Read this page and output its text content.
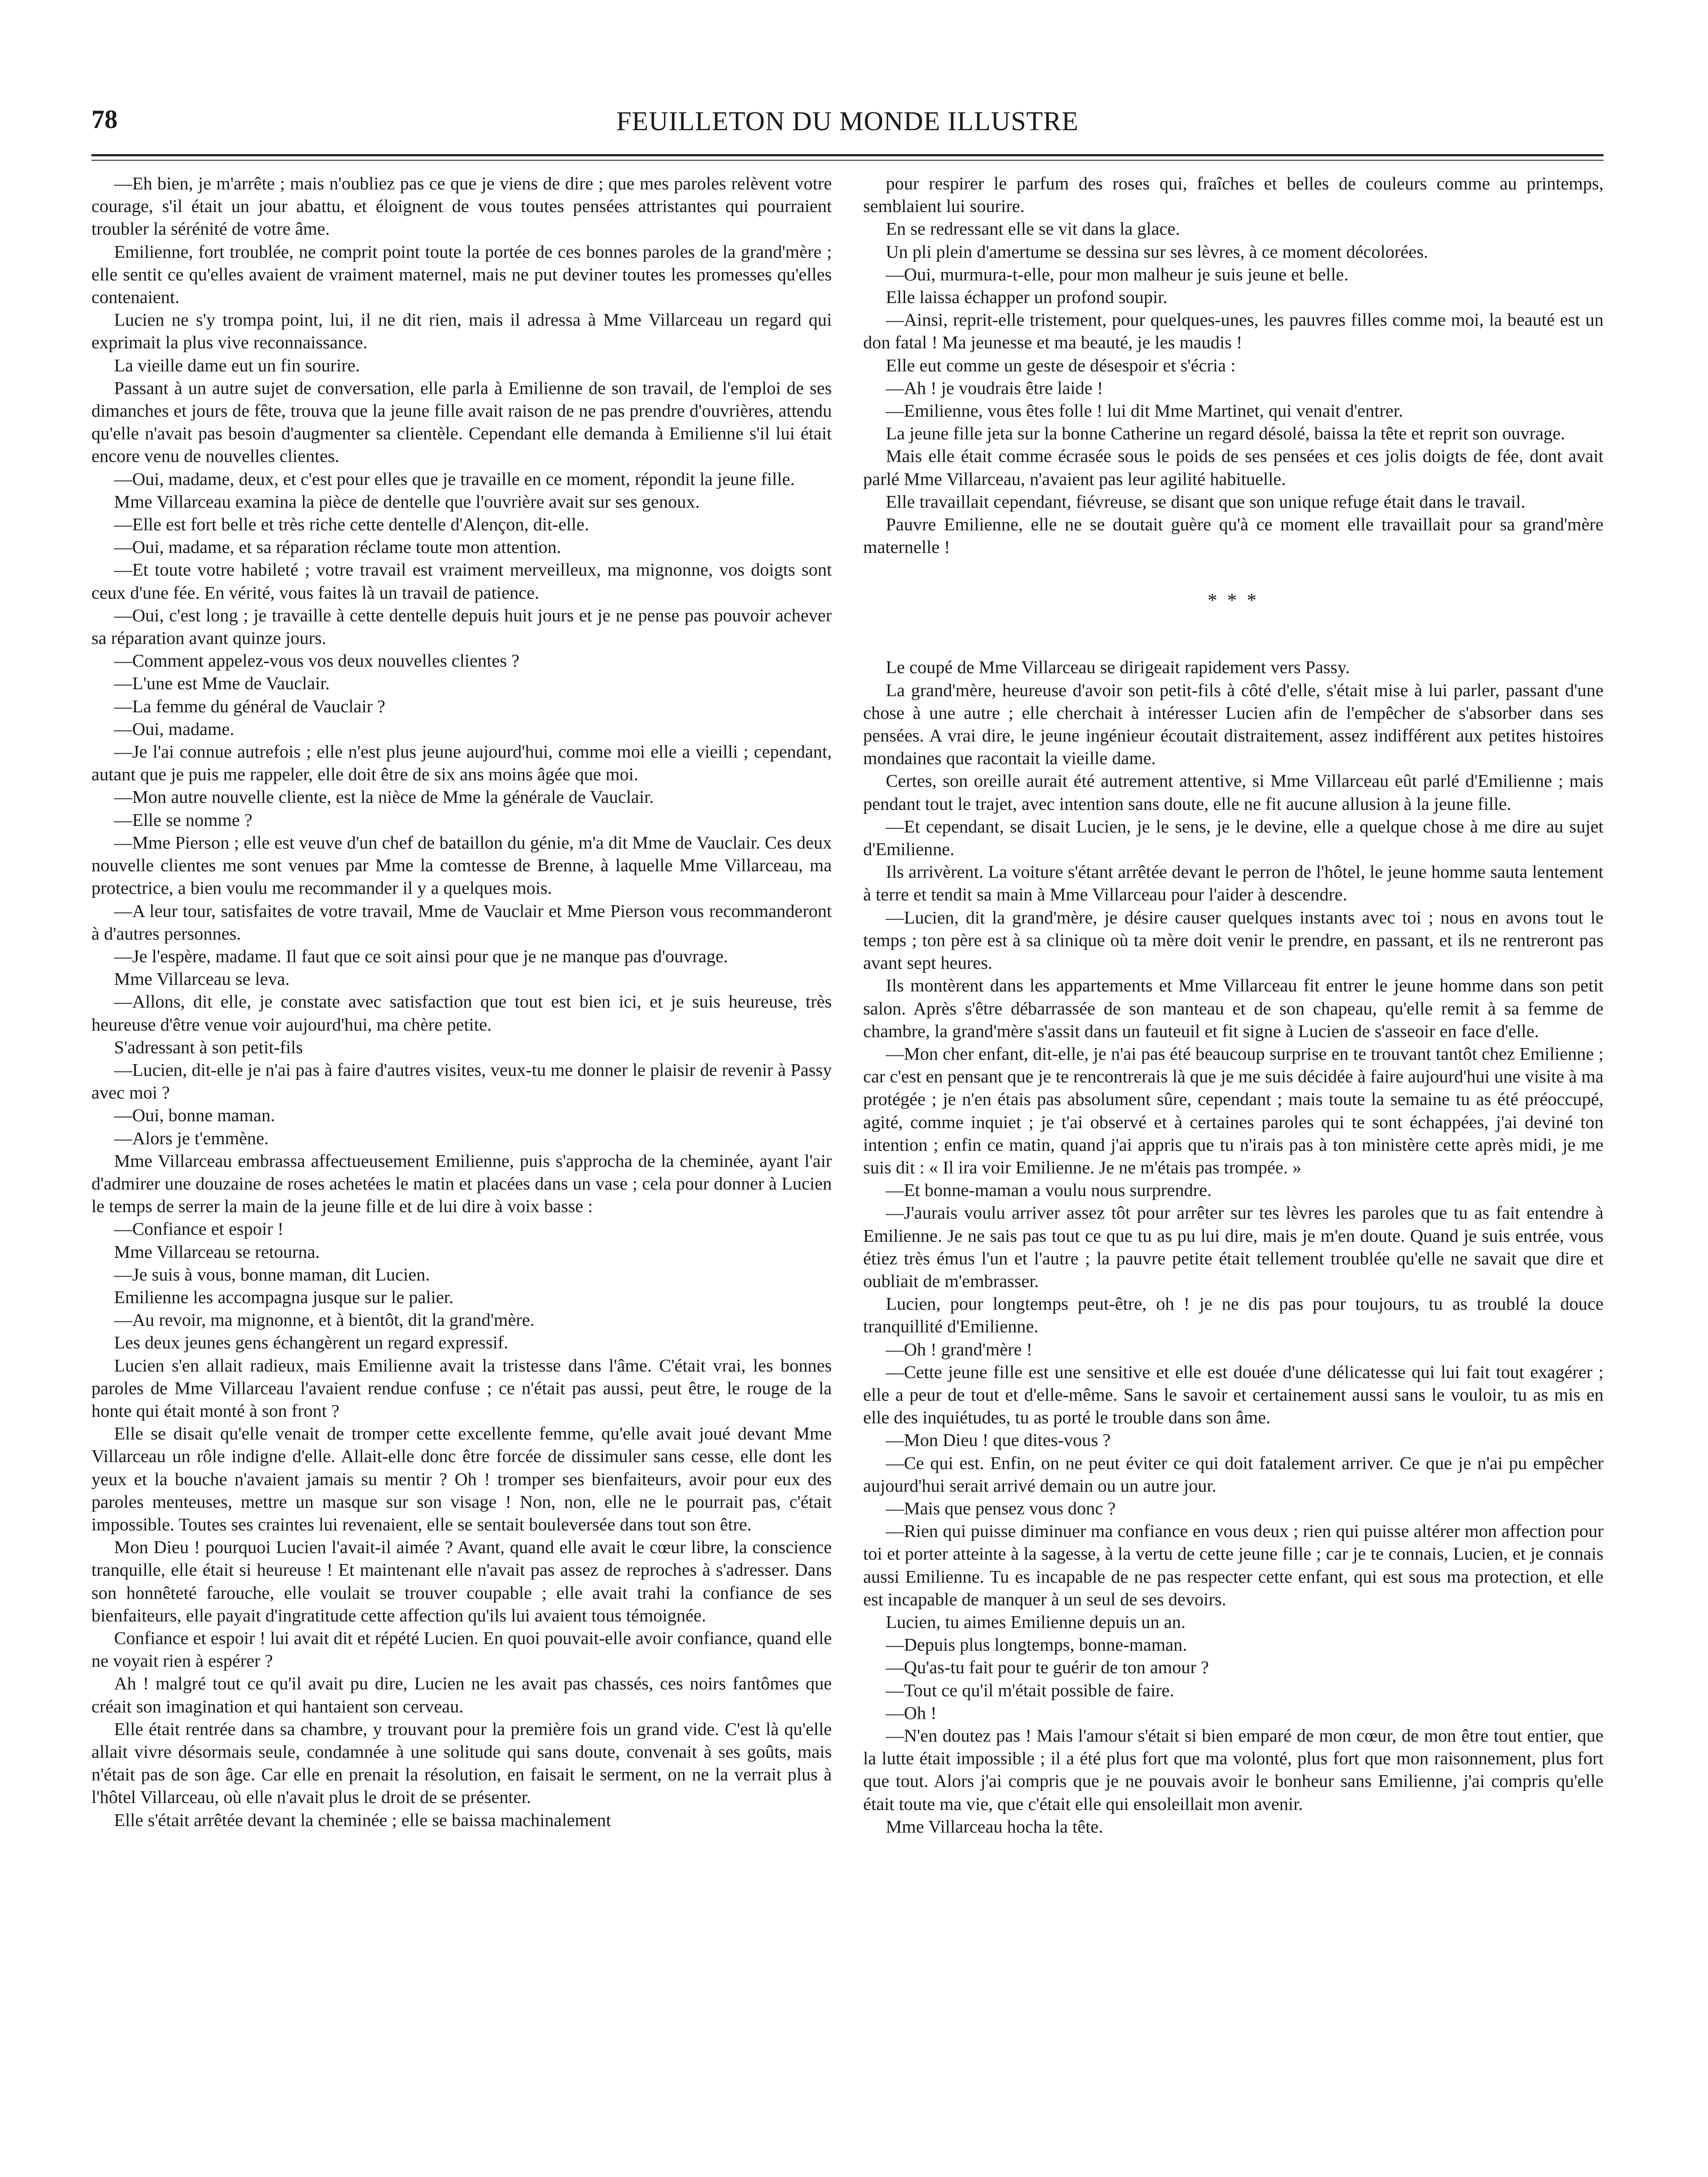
78	FEUILLETON DU MONDE ILLUSTRE

—Eh bien, je m'arrête ; mais n'oubliez pas ce que je viens de dire ; que mes paroles relèvent votre courage, s'il était un jour abattu, et éloignent de vous toutes pensées attristantes qui pourraient troubler la sérénité de votre âme.

Emilienne, fort troublée, ne comprit point toute la portée de ces bonnes paroles de la grand'mère ; elle sentit ce qu'elles avaient de vraiment maternel, mais ne put deviner toutes les promesses qu'elles contenaient.

Lucien ne s'y trompa point, lui, il ne dit rien, mais il adressa à Mme Villarceau un regard qui exprimait la plus vive reconnaissance.

La vieille dame eut un fin sourire.

Passant à un autre sujet de conversation, elle parla à Emilienne de son travail, de l'emploi de ses dimanches et jours de fête, trouva que la jeune fille avait raison de ne pas prendre d'ouvrières, attendu qu'elle n'avait pas besoin d'augmenter sa clientèle. Cependant elle demanda à Emilienne s'il lui était encore venu de nouvelles clientes.

—Oui, madame, deux, et c'est pour elles que je travaille en ce moment, répondit la jeune fille.

Mme Villarceau examina la pièce de dentelle que l'ouvrière avait sur ses genoux.

—Elle est fort belle et très riche cette dentelle d'Alençon, dit-elle.

—Oui, madame, et sa réparation réclame toute mon attention.

—Et toute votre habileté ; votre travail est vraiment merveilleux, ma mignonne, vos doigts sont ceux d'une fée. En vérité, vous faites là un travail de patience.

—Oui, c'est long ; je travaille à cette dentelle depuis huit jours et je ne pense pas pouvoir achever sa réparation avant quinze jours.

—Comment appelez-vous vos deux nouvelles clientes ?

—L'une est Mme de Vauclair.

—La femme du général de Vauclair ?

—Oui, madame.

—Je l'ai connue autrefois ; elle n'est plus jeune aujourd'hui, comme moi elle a vieilli ; cependant, autant que je puis me rappeler, elle doit être de six ans moins âgée que moi.

—Mon autre nouvelle cliente, est la nièce de Mme la générale de Vauclair.

—Elle se nomme ?

—Mme Pierson ; elle est veuve d'un chef de bataillon du génie, m'a dit Mme de Vauclair. Ces deux nouvelle clientes me sont venues par Mme la comtesse de Brenne, à laquelle Mme Villarceau, ma protectrice, a bien voulu me recommander il y a quelques mois.

—A leur tour, satisfaites de votre travail, Mme de Vauclair et Mme Pierson vous recommanderont à d'autres personnes.

—Je l'espère, madame. Il faut que ce soit ainsi pour que je ne manque pas d'ouvrage.

Mme Villarceau se leva.

—Allons, dit elle, je constate avec satisfaction que tout est bien ici, et je suis heureuse, très heureuse d'être venue voir aujourd'hui, ma chère petite.

S'adressant à son petit-fils

—Lucien, dit-elle je n'ai pas à faire d'autres visites, veux-tu me donner le plaisir de revenir à Passy avec moi ?

—Oui, bonne maman.

—Alors je t'emmène.

Mme Villarceau embrassa affectueusement Emilienne, puis s'approcha de la cheminée, ayant l'air d'admirer une douzaine de roses achetées le matin et placées dans un vase ; cela pour donner à Lucien le temps de serrer la main de la jeune fille et de lui dire à voix basse :

—Confiance et espoir !

Mme Villarceau se retourna.

—Je suis à vous, bonne maman, dit Lucien.

Emilienne les accompagna jusque sur le palier.

—Au revoir, ma mignonne, et à bientôt, dit la grand'mère.

Les deux jeunes gens échangèrent un regard expressif.

Lucien s'en allait radieux, mais Emilienne avait la tristesse dans l'âme. C'était vrai, les bonnes paroles de Mme Villarceau l'avaient rendue confuse ; ce n'était pas aussi, peut être, le rouge de la honte qui était monté à son front ?

Elle se disait qu'elle venait de tromper cette excellente femme, qu'elle avait joué devant Mme Villarceau un rôle indigne d'elle. Allait-elle donc être forcée de dissimuler sans cesse, elle dont les yeux et la bouche n'avaient jamais su mentir ? Oh ! tromper ses bienfaiteurs, avoir pour eux des paroles menteuses, mettre un masque sur son visage ! Non, non, elle ne le pourrait pas, c'était impossible. Toutes ses craintes lui revenaient, elle se sentait bouleversée dans tout son être.

Mon Dieu ! pourquoi Lucien l'avait-il aimée ? Avant, quand elle avait le cœur libre, la conscience tranquille, elle était si heureuse ! Et maintenant elle n'avait pas assez de reproches à s'adresser. Dans son honnêteté farouche, elle voulait se trouver coupable ; elle avait trahi la confiance de ses bienfaiteurs, elle payait d'ingratitude cette affection qu'ils lui avaient tous témoignée.

Confiance et espoir ! lui avait dit et répété Lucien. En quoi pouvait-elle avoir confiance, quand elle ne voyait rien à espérer ?

Ah ! malgré tout ce qu'il avait pu dire, Lucien ne les avait pas chassés, ces noirs fantômes que créait son imagination et qui hantaient son cerveau.

Elle était rentrée dans sa chambre, y trouvant pour la première fois un grand vide. C'est là qu'elle allait vivre désormais seule, condamnée à une solitude qui sans doute, convenait à ses goûts, mais n'était pas de son âge. Car elle en prenait la résolution, en faisait le serment, on ne la verrait plus à l'hôtel Villarceau, où elle n'avait plus le droit de se présenter.

Elle s'était arrêtée devant la cheminée ; elle se baissa machinalement

pour respirer le parfum des roses qui, fraîches et belles de couleurs comme au printemps, semblaient lui sourire.

En se redressant elle se vit dans la glace.

Un pli plein d'amertume se dessina sur ses lèvres, à ce moment décolorées.

—Oui, murmura-t-elle, pour mon malheur je suis jeune et belle.

Elle laissa échapper un profond soupir.

—Ainsi, reprit-elle tristement, pour quelques-unes, les pauvres filles comme moi, la beauté est un don fatal ! Ma jeunesse et ma beauté, je les maudis !

Elle eut comme un geste de désespoir et s'écria :

—Ah ! je voudrais être laide !

—Emilienne, vous êtes folle ! lui dit Mme Martinet, qui venait d'entrer.

La jeune fille jeta sur la bonne Catherine un regard désolé, baissa la tête et reprit son ouvrage.

Mais elle était comme écrasée sous le poids de ses pensées et ces jolis doigts de fée, dont avait parlé Mme Villarceau, n'avaient pas leur agilité habituelle.

Elle travaillait cependant, fiévreuse, se disant que son unique refuge était dans le travail.

Pauvre Emilienne, elle ne se doutait guère qu'à ce moment elle travaillait pour sa grand'mère maternelle !

* * *

Le coupé de Mme Villarceau se dirigeait rapidement vers Passy.

La grand'mère, heureuse d'avoir son petit-fils à côté d'elle, s'était mise à lui parler, passant d'une chose à une autre ; elle cherchait à intéresser Lucien afin de l'empêcher de s'absorber dans ses pensées. A vrai dire, le jeune ingénieur écoutait distraitement, assez indifférent aux petites histoires mondaines que racontait la vieille dame.

Certes, son oreille aurait été autrement attentive, si Mme Villarceau eût parlé d'Emilienne ; mais pendant tout le trajet, avec intention sans doute, elle ne fit aucune allusion à la jeune fille.

—Et cependant, se disait Lucien, je le sens, je le devine, elle a quelque chose à me dire au sujet d'Emilienne.

Ils arrivèrent. La voiture s'étant arrêtée devant le perron de l'hôtel, le jeune homme sauta lentement à terre et tendit sa main à Mme Villarceau pour l'aider à descendre.

—Lucien, dit la grand'mère, je désire causer quelques instants avec toi ; nous en avons tout le temps ; ton père est à sa clinique où ta mère doit venir le prendre, en passant, et ils ne rentreront pas avant sept heures.

Ils montèrent dans les appartements et Mme Villarceau fit entrer le jeune homme dans son petit salon. Après s'être débarrassée de son manteau et de son chapeau, qu'elle remit à sa femme de chambre, la grand'mère s'assit dans un fauteuil et fit signe à Lucien de s'asseoir en face d'elle.

—Mon cher enfant, dit-elle, je n'ai pas été beaucoup surprise en te trouvant tantôt chez Emilienne ; car c'est en pensant que je te rencontrerais là que je me suis décidée à faire aujourd'hui une visite à ma protégée ; je n'en étais pas absolument sûre, cependant ; mais toute la semaine tu as été préoccupé, agité, comme inquiet ; je t'ai observé et à certaines paroles qui te sont échappées, j'ai deviné ton intention ; enfin ce matin, quand j'ai appris que tu n'irais pas à ton ministère cette après midi, je me suis dit : « Il ira voir Emilienne. Je ne m'étais pas trompée. »

—Et bonne-maman a voulu nous surprendre.

—J'aurais voulu arriver assez tôt pour arrêter sur tes lèvres les paroles que tu as fait entendre à Emilienne. Je ne sais pas tout ce que tu as pu lui dire, mais je m'en doute. Quand je suis entrée, vous étiez très émus l'un et l'autre ; la pauvre petite était tellement troublée qu'elle ne savait que dire et oubliait de m'embrasser.

Lucien, pour longtemps peut-être, oh ! je ne dis pas pour toujours, tu as troublé la douce tranquillité d'Emilienne.

—Oh ! grand'mère !

—Cette jeune fille est une sensitive et elle est douée d'une délicatesse qui lui fait tout exagérer ; elle a peur de tout et d'elle-même. Sans le savoir et certainement aussi sans le vouloir, tu as mis en elle des inquiétudes, tu as porté le trouble dans son âme.

—Mon Dieu ! que dites-vous ?

—Ce qui est. Enfin, on ne peut éviter ce qui doit fatalement arriver. Ce que je n'ai pu empêcher aujourd'hui serait arrivé demain ou un autre jour.

—Mais que pensez vous donc ?

—Rien qui puisse diminuer ma confiance en vous deux ; rien qui puisse altérer mon affection pour toi et porter atteinte à la sagesse, à la vertu de cette jeune fille ; car je te connais, Lucien, et je connais aussi Emilienne. Tu es incapable de ne pas respecter cette enfant, qui est sous ma protection, et elle est incapable de manquer à un seul de ses devoirs.

Lucien, tu aimes Emilienne depuis un an.

—Depuis plus longtemps, bonne-maman.

—Qu'as-tu fait pour te guérir de ton amour ?

—Tout ce qu'il m'était possible de faire.

—Oh !

—N'en doutez pas ! Mais l'amour s'était si bien emparé de mon cœur, de mon être tout entier, que la lutte était impossible ; il a été plus fort que ma volonté, plus fort que mon raisonnement, plus fort que tout. Alors j'ai compris que je ne pouvais avoir le bonheur sans Emilienne, j'ai compris qu'elle était toute ma vie, que c'était elle qui ensoleillait mon avenir.

Mme Villarceau hocha la tête.
